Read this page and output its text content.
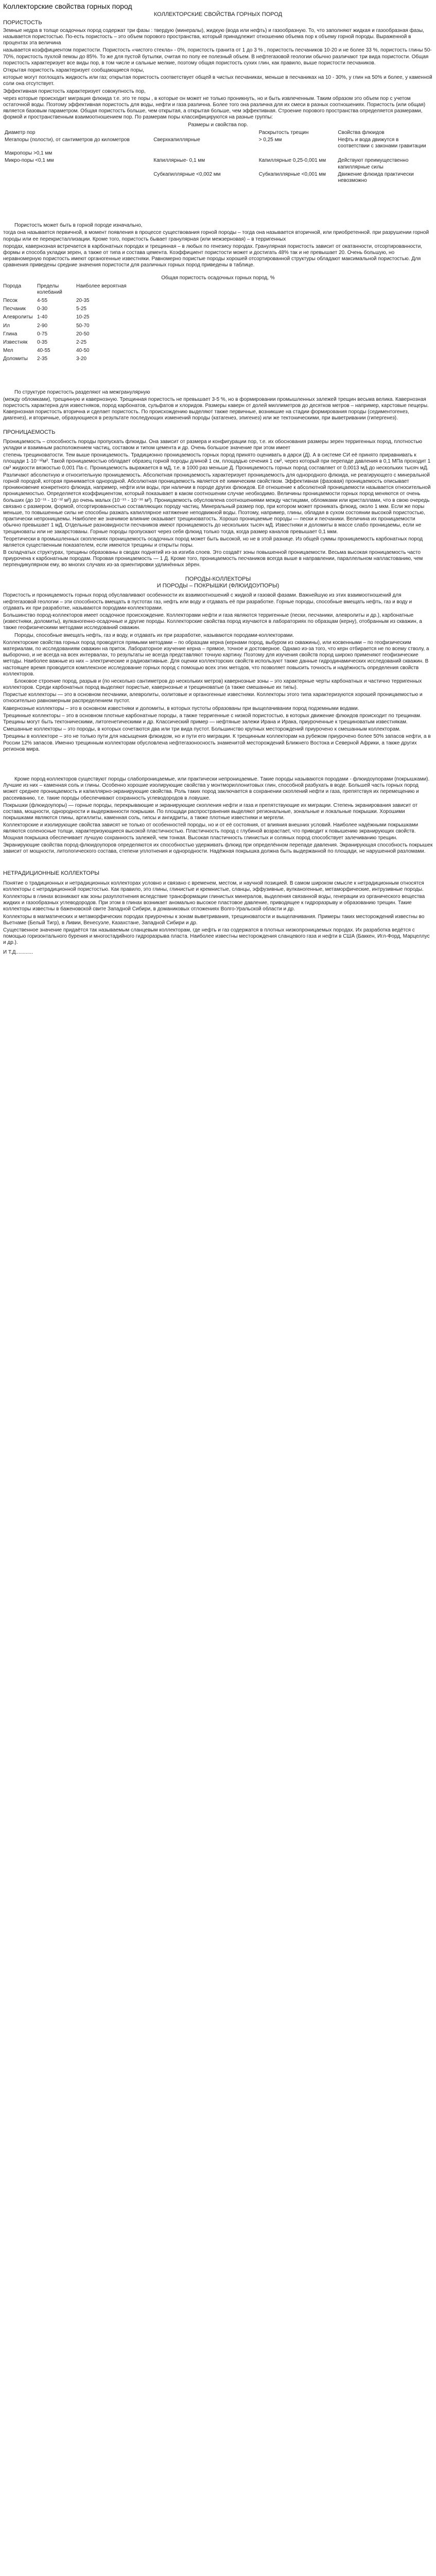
Коллекторские свойства горных пород
КОЛЛЕКТОРСКИЕ СВОЙСТВА ГОРНЫХ ПОРОД
ПОРИСТОСТЬ

Земные недра в толще осадочных пород содержат три фазы : твердую (минералы), жидкую (вода или нефть) и газообразную. То, что заполняют жидкая и газообразная фазы, называется пористостью. По-есть пористость – это объем порового пространства, который принадлежит отношению объема пор к объему горной породы. Выраженной в процентах эта величина

называется коэффициентом пористости. Пористость «чистого стекла» - 0%, пористость гранита от 1 до 3 % , пористость песчаников 10-20 и не более 33 %, пористость глины 50-70%, пористость пухлой пемзы до 85%. То же для пустой бутылки, считая по полу ее полезный объем. В нефтегазовой геологии обычно различают три вида пористости. Общая пористость характеризует все виды пор, в том числе и сальные мелкие, поэтому общая пористость сухих глин, как правило, выше пористости песчаников.

Открытая пористость характеризует сообщающиеся поры,

которые могут поглощать жидкость или газ; открытая пористость соответствует общей в чистых песчаниках, меньше в песчаниках на 10 - 30%, у глин на 50% и более, у каменной соли она отсутствует.

Эффективная пористость характеризует совокупность пор,

через которые происходит миграция флюида т.е. это те поры , в которые он может не только проникнуть, но и быть извлеченным. Таким образом это объем пор с учетом остаточной воды. Поэтому эффективная пористость для воды, нефти и газа различна. Более того она различна для их смеси в разных соотношениях. Пористость (или общая) является базовым параметром. Общая пористость больше, чем открытая, а открытая больше, чем эффективная. Строение порового пространства определяется размерами, формой и пространственным взаимоотношением пор. По размерам поры классифицируются на разные группы:

Размеры и свойства пор.
Диаметр пор		Раскрытость трещин	Свойства флюидов
Мегапоры (полости), от сантиметров до километров	Сверхкапиллярные	> 0,25 мм	Нефть и вода движутся в соответствии с законами гравитации
Макропоры >0,1 мм			
Микро-поры <0,1 мм	Капиллярные- 0,1 мм	Капиллярные 0,25-0,001 мм	Действуют преимущественно капиллярные силы
	Субкапиллярные <0,002 мм	Субкапиллярные <0,001 мм	Движение флюида практически невозможно

Пористость может быть в горной породе изначально,

тогда она называется первичной, в момент появления в процессе существования горной породы – тогда она называется вторичной, или приобретенной. при разрушении горной породы или ее перекристаллизации. Кроме того, пористость бывает гранулярная (или межзерновая) – в терригенных

породах, кавернозная встречается в карбонатных породах и трещинная – в любых по генезису породах. Гранулярная пористость зависит от окатанности, отсортированности, формы и способа укладки зерен, а также от типа и состава цемента. Коэффициент пористости может и достигать 48% так и не превышает 20. Очень большую, но неравномерную пористость имеют органогенные известняки. Равномерно пористые породы хорошей отсортированной структуры обладают максимальной пористостью. Для сравнения приведены средние значения пористости для различных горных пород приведены в таблице.

Общая пористость осадочных горных пород, %
Порода	Пределы колебаний	Наиболее вероятная
Песок	4-55	20-35
Песчаник	0-30	5-25
Алевролиты	1-40	10-25
Ил	2-90	50-70
Глина	0-75	20-50
Известняк	0-35	2-25
Мел	40-55	40-50
Доломиты	2-35	3-20

По структуре пористость разделяют на межгранулярную

(между обломками), трещинную и кавернозную. Трещинная пористость не превышает 3-5 %, но в формировании промышленных залежей трещин весьма велика. Кавернозная пористость характерна для известняков, пород карбонатов, сульфатов и хлоридов. Размеры каверн от долей миллиметров до десятков метров – например, карстовые пещеры. Кавернозная пористость вторична и сделает пористость. По происхождению выделяют также первичные, возникшие на стадии формирования породы (седиментогенез, диагенез), и вторичные, образующиеся в результате последующих изменений породы (катагенез, эпигенез) или же тектоническими, при выветривании (гипергенез).

ПРОНИЦАЕМОСТЬ

Проницаемость – способность породы пропускать флюиды. Она зависит от размера и конфигурации пор, т.е. их обоснования размеры зерен терригенных пород, плотностью укладки и взаимным расположением частиц, составом и типом цемента и др. Очень большое значение при этом имеет

степень трещиноватости. Тем выше проницаемость. Традиционно проницаемость горных пород принято оценивать в дарси (Д). А в системе СИ её принято приравнивать к площади 1·10⁻¹²м². Такой проницаемостью обладает образец горной породы длиной 1 см, площадью сечения 1 см², через который при перепаде давления в 0,1 МПа проходит 1 см³ жидкости вязкостью 0,001 Па·с. Проницаемость выражается в мД, т.е. в 1000 раз меньше Д. Проницаемость горных пород составляет от 0,0013 мД до нескольких тысяч мД.

Различают абсолютную и относительную проницаемость. Абсолютная проницаемость характеризует проницаемость для однородного флюида, не реагирующего с минеральной горной породой, которая принимается однородной. Абсолютная проницаемость является её химическим свойством. Эффективная (фазовая) проницаемость описывает проникновение конкретного флюида, например, нефти или воды, при наличии в породе других флюидов. Её отношение к абсолютной проницаемости называется относительной проницаемостью. Определяется коэффициентом, который показывает в каком соотношении случае необходимо. Величины проницаемости горных пород меняются от очень больших (до 10⁻¹¹ - 10⁻¹² м²) до очень малых (10⁻¹⁵ - 10⁻¹⁶ м²). Проницаемость обусловлена соотношениями между частицами, обломками или кристаллами, что в свою очередь связано с размером, формой, отсортированностью составляющих породу частиц. Минеральный размер пор, при котором может проникать флюид, около 1 мкм. Если же поры меньше, то повышенные силы не способны разжать капиллярное натяжение неподвижной воды. Поэтому, например, глины, обладая в сухом состоянии высокой пористостью, практически непроницаемы. Наиболее же значимое влияние оказывает трещиноватость. Хорошо проницаемые породы — пески и песчаники. Величина их проницаемости обычно превышает 1 мД. Отдельные разновидности песчаников имеют проницаемость до нескольких тысяч мД. Известняки и доломиты в массе слабо проницаемы, если не трещиноваты или не закарстованы. Горные породы пропускают через себя флюид только тогда, когда размер каналов превышает 0,1 мкм.

Теоретически в промышленных скоплениях проницаемость осадочных пород может быть высокой, но не в этой разнице. Из общей суммы проницаемость карбонатных пород является существенным показателем, если имеются трещины и открыты поры.

В складчатых структурах, трещины образованы в сводах поднятий из-за изгиба слоев. Это создаёт зоны повышенной проницаемости. Весьма высокая проницаемость часто приурочена к карбонатным породам. Поровая проницаемость — 1 Д. Кроме того, проницаемость песчаников всегда выше в направлении, параллельном напластованию, чем перпендикулярном ему, во многих случаях из-за ориентировки удлинённых зёрен.

ПОРОДЫ-КОЛЛЕКТОРЫ
И ПОРОДЫ – ПОКРЫШКИ (ФЛЮИДОУПОРЫ)

Пористость и проницаемость горных пород обуславливают особенности их взаимоотношений с жидкой и газовой фазами. Важнейшую из этих взаимоотношений для нефтегазовой геологии – эти способность вмещать в пустотах газ, нефть или воду и отдавать её при разработке. Горные породы, способные вмещать нефть, газ и воду и отдавать их при разработке, называются породами-коллекторами.

Большинство пород-коллекторов имеет осадочное происхождение. Коллекторами нефти и газа являются терригенные (пески, песчаники, алевролиты и др.), карбонатные (известняки, доломиты), вулканогенно-осадочные и другие породы. Коллекторские свойства пород изучаются в лабораториях по образцам (керну), отобранным из скважин, а также геофизическими методами исследований скважин.

Породы, способные вмещать нефть, газ и воду, и отдавать их при разработке, называются породами-коллекторами.

Коллекторские свойства горных пород проводятся прямыми методами – по образцам керна (кернами пород, выбуром из скважины), или косвенными – по геофизическим материалам, по исследованиям скважин на приток. Лабораторное изучение керна – прямое, точное и достоверное. Однако из-за того, что керн отбирается не по всему стволу, а выборочно, и не всегда на всех интервалах, то результаты не всегда представляют точную картину. Поэтому для изучения свойств пород широко применяют геофизические методы. Наиболее важные из них – электрические и радиоактивные. Для оценки коллекторских свойств используют также данные гидродинамических исследований скважин. В настоящее время проводится комплексное исследование горных пород с помощью всех этих методов, что позволяет повысить точность и надёжность определения свойств коллекторов.

Блоковое строение пород, разрыв и (по несколько сантиметров до нескольких метров) кавернозные зоны – это характерные черты карбонатных и частично терригенных коллекторов. Среди карбонатных пород выделяют пористые, кавернозные и трещиноватые (а также смешанные их типы).

Пористые коллекторы — это в основном песчаники, алевролиты, оолитовые и органогенные известняки. Коллекторы этого типа характеризуются хорошей проницаемостью и относительно равномерным распределением пустот.

Кавернозные коллекторы – это в основном известняки и доломиты, в которых пустоты образованы при выщелачивании пород подземными водами.

Трещинные коллекторы – это в основном плотные карбонатные породы, а также терригенные с низкой пористостью, в которых движение флюидов происходит по трещинам. Трещины могут быть тектоническими, литогенетическими и др. Классический пример — нефтяные залежи Ирана и Ирака, приуроченные к трещиноватым известнякам.

Смешанные коллекторы – это породы, в которых сочетаются два или три вида пустот. Большинство крупных месторождений приурочено к смешанным коллекторам.

Трещины в коллекторе – это не только пути для насыщения флюидом, но и пути его миграции. К трещинным коллекторам на рубежом приурочено более 50% запасов нефти, а в России 12% запасов. Именно трещинным коллекторам обусловлена нефтегазоносность знаменитой месторождений Ближнего Востока и Северной Африки, а также других регионов мира.

Кроме пород-коллекторов существуют породы слабопроницаемые, или практически непроницаемые. Такие породы называются породами - флюидоупорами (покрышками). Лучшие из них – каменная соль и глины. Особенно хорошие изолирующие свойства у монтмориллонитовых глин, способной разбухать в воде. Большей часть горных пород может среднее проницаемость и капиллярно-экранирующие свойства. Роль таких пород заключается в сохранении скоплений нефти и газа, препятствуя их перемещению и рассеиванию, т.е. такие породы обеспечивают сохранность углеводородов в ловушке.

Покрышки (флюидоупоры) — горные породы, перекрывающие и экранирующие скопления нефти и газа и препятствующие их миграции. Степень экранирования зависит от состава, мощности, однородности и выдержанности покрышки. По площади распространения выделяют региональные, зональные и локальные покрышки. Хорошими покрышками являются глины, аргиллиты, каменная соль, гипсы и ангидриты, а также плотные известняки и мергели.

Коллекторские и изолирующие свойства зависят не только от особенностей породы, но и от её состояния, от влияния внешних условий. Наиболее надёжными покрышками являются соленосные толщи, характеризующиеся высокой пластичностью. Пластичность пород с глубиной возрастает, что приводит к повышению экранирующих свойств. Мощная покрышка обеспечивает лучшую сохранность залежей, чем тонкая. Высокая пластичность глинистых и соляных пород способствует залечиванию трещин.

Экранирующие свойства пород-флюидоупоров определяются их способностью удерживать флюид при определённом перепаде давления. Экранирующая способность покрышек зависит от мощности, литологического состава, степени уплотнения и однородности. Надёжная покрышка должна быть выдержанной по площади, не нарушенной разломами.

НЕТРАДИЦИОННЫЕ КОЛЛЕКТОРЫ

Понятие о традиционных и нетрадиционных коллекторах условно и связано с временем, местом, и научной позицией. В самом широком смысле к нетрадиционным относятся коллекторы с нетрадиционной пористостью. Как правило, это глины, глинистые и кремнистые, сланцы, эффузивные, вулканогенные, метаморфические, интрузивные породы.

Коллекторы в глинах возникают как зоны разуплотнения вследствие трансформации глинистых минералов, выделения связанной воды, генерации из органического вещества жидких и газообразных углеводородов. При этом в глинах возникает аномально высокое пластовое давление, приводящее к гидроразрыву и образованию трещин. Такие коллекторы известны в баженовской свите Западной Сибири, в доманиковых отложениях Волго-Уральской области и др.

Коллекторы в магматических и метаморфических породах приурочены к зонам выветривания, трещиноватости и выщелачивания. Примеры таких месторождений известны во Вьетнаме (Белый Тигр), в Ливии, Венесуэле, Казахстане, Западной Сибири и др.

Существенное значение придаётся так называемым сланцевым коллекторам, где нефть и газ содержатся в плотных низкопроницаемых породах. Их разработка ведётся с помощью горизонтального бурения и многостадийного гидроразрыва пласта. Наиболее известны месторождения сланцевого газа и нефти в США (Баккен, Игл-Форд, Марцеллус и др.).

И Т.Д............
